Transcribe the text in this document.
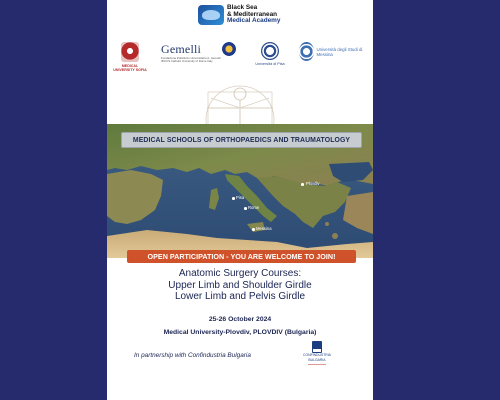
Black Sea
& Mediterranean
Medical Academy
MEDICAL UNIVERSITY SOFIA
Gemelli
Fondazione Policlinico Universitario A. Gemelli
IRCCS Catholic University of Rome Italy
Università di Pisa
Università degli Studi di Messina
MEDICAL SCHOOLS OF ORTHOPAEDICS AND TRAUMATOLOGY
Plovdiv
Pisa
Rome
Messina
OPEN PARTICIPATION - YOU ARE WELCOME TO JOIN!
Anatomic Surgery Courses:
Upper Limb and Shoulder Girdle
Lower Limb and Pelvis Girdle
25-26 October 2024
Medical University-Plovdiv, PLOVDIV (Bulgaria)
In partnership with Confindustria Bulgaria	CONFINDUSTRIA
BULGARIA
